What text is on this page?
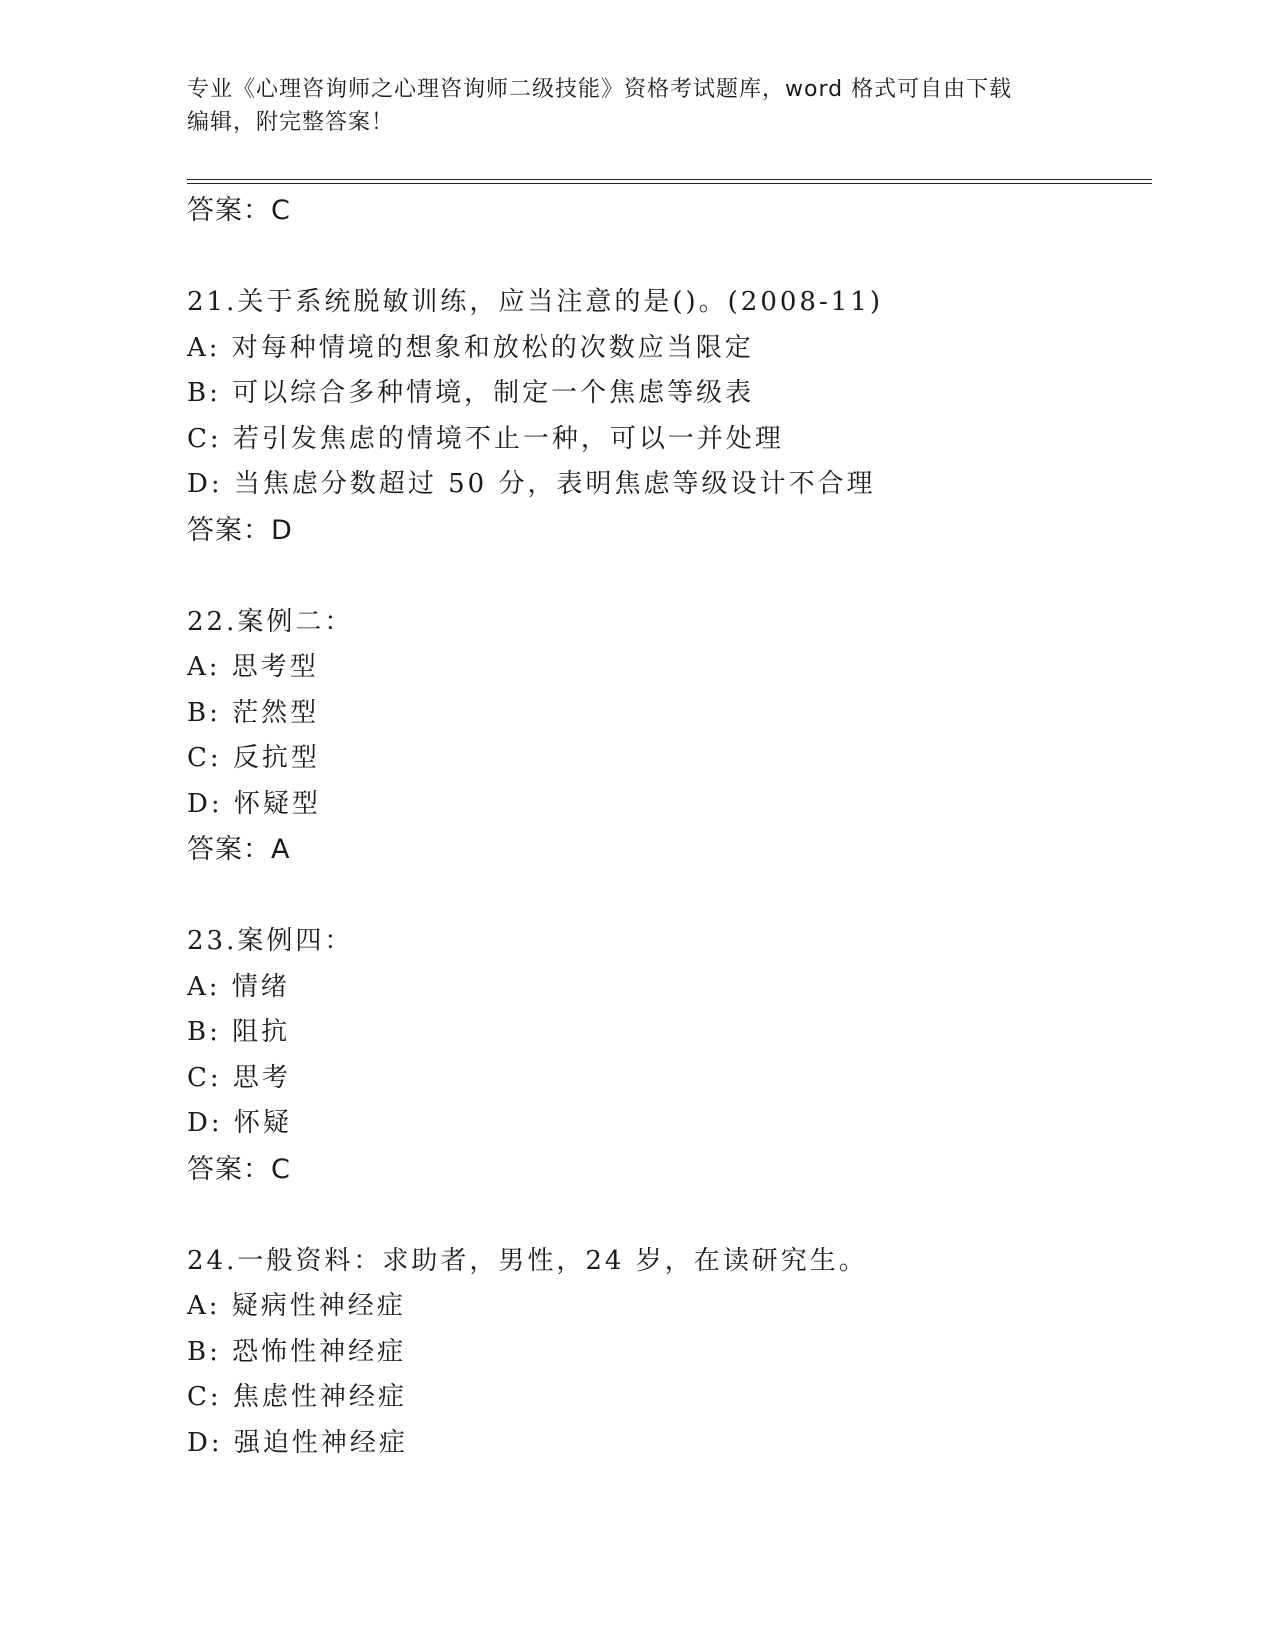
专业《心理咨询师之心理咨询师二级技能》资格考试题库，word 格式可自由下载
编辑，附完整答案！
答案：C
21.关于系统脱敏训练，应当注意的是()。(2008-11)
A: 对每种情境的想象和放松的次数应当限定
B: 可以综合多种情境，制定一个焦虑等级表
C: 若引发焦虑的情境不止一种，可以一并处理
D: 当焦虑分数超过 50 分，表明焦虑等级设计不合理
答案：D
22.案例二：
A: 思考型
B: 茫然型
C: 反抗型
D: 怀疑型
答案：A
23.案例四：
A: 情绪
B: 阻抗
C: 思考
D: 怀疑
答案：C
24.一般资料：求助者，男性，24 岁，在读研究生。
A: 疑病性神经症
B: 恐怖性神经症
C: 焦虑性神经症
D: 强迫性神经症
